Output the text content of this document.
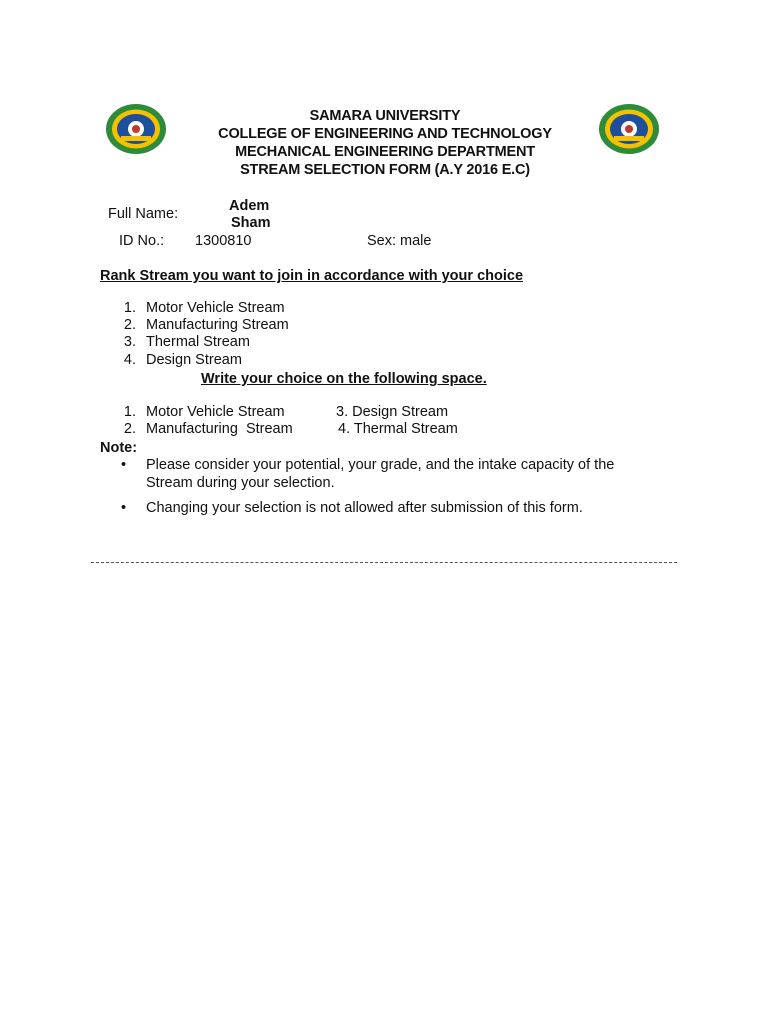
SAMARA UNIVERSITY
COLLEGE OF ENGINEERING AND TECHNOLOGY
MECHANICAL ENGINEERING DEPARTMENT
STREAM SELECTION FORM (A.Y 2016 E.C)
Full Name:	Adem
Sham
ID No.: 1300810	Sex: male
Rank Stream you want to join in accordance with your choice
1. Motor Vehicle Stream
2. Manufacturing Stream
3. Thermal Stream
4. Design Stream
Write your choice on the following space.
1. Motor Vehicle Stream	3. Design Stream
2. Manufacturing  Stream	4. Thermal Stream
Note:
• Please consider your potential, your grade, and the intake capacity of the
Stream during your selection.
• Changing your selection is not allowed after submission of this form.
